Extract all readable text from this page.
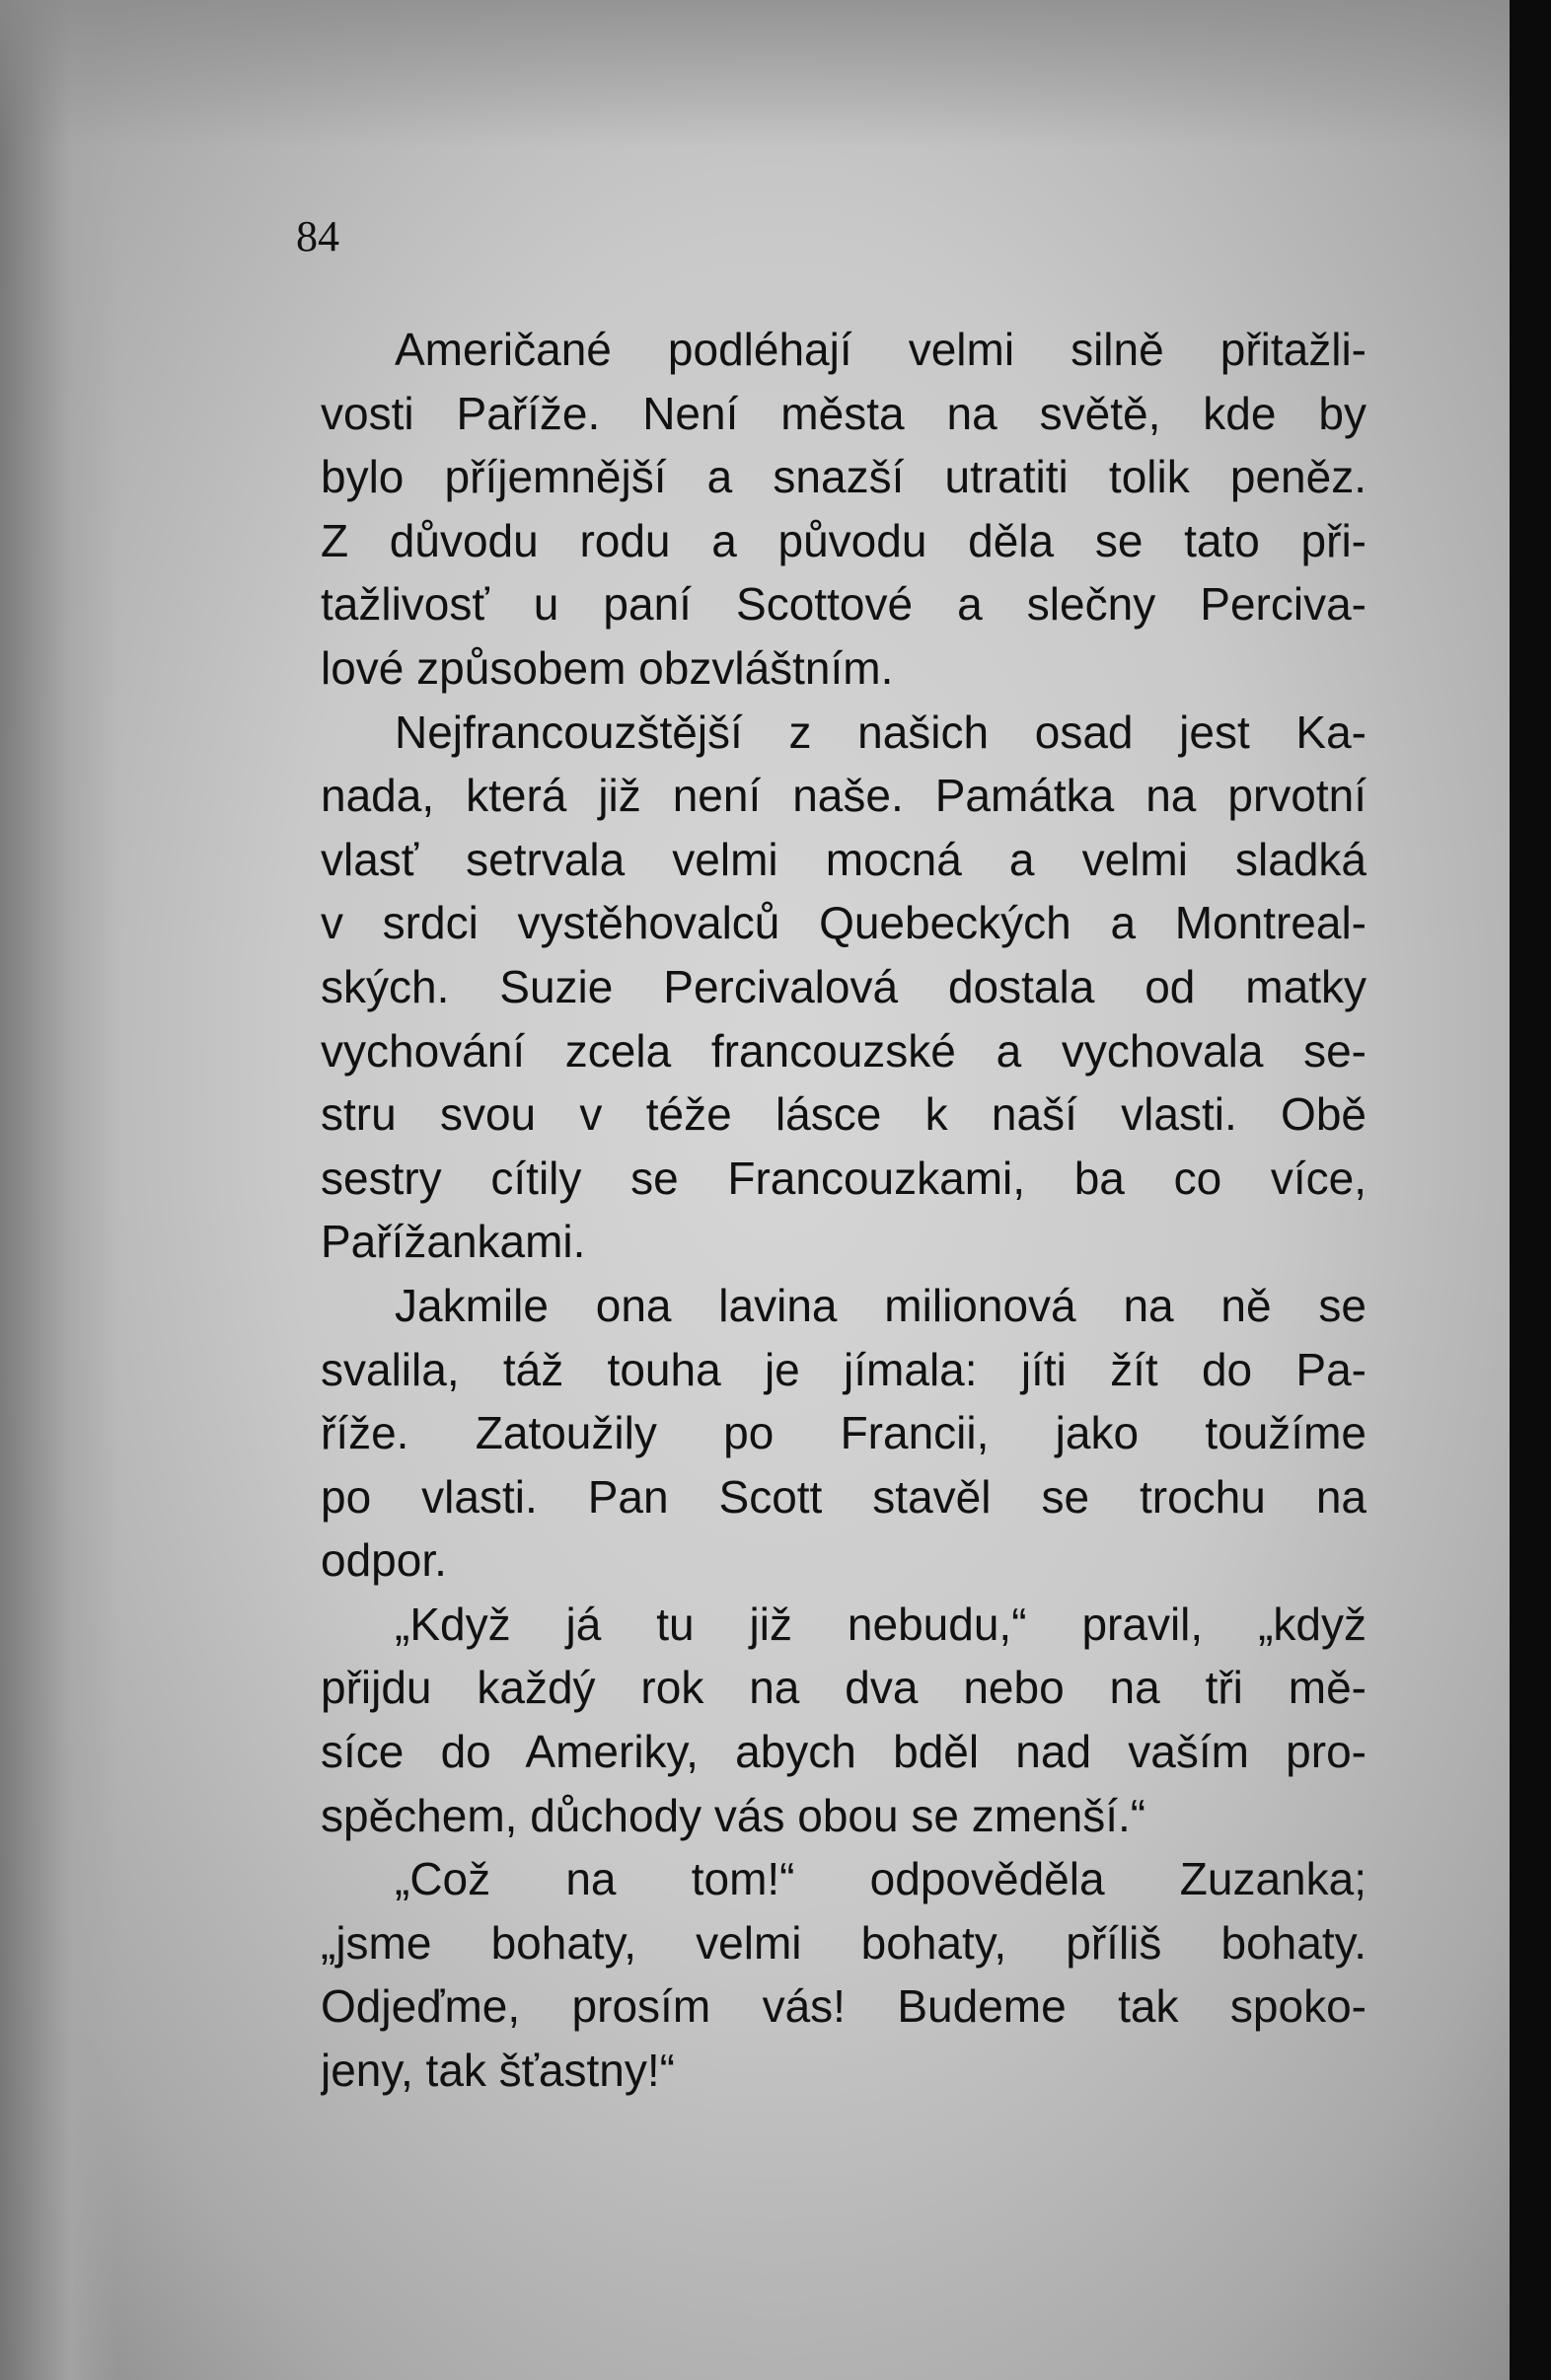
84
Američané podléhají velmi silně přitažli-
vosti Paříže. Není města na světě, kde by
bylo příjemnější a snazší utratiti tolik peněz.
Z důvodu rodu a původu děla se tato při-
tažlivosť u paní Scottové a slečny Perciva-
lové způsobem obzvláštním.
Nejfrancouzštější z našich osad jest Ka-
nada, která již není naše. Památka na prvotní
vlasť setrvala velmi mocná a velmi sladká
v srdci vystěhovalců Quebeckých a Montreal-
ských. Suzie Percivalová dostala od matky
vychování zcela francouzské a vychovala se-
stru svou v téže lásce k naší vlasti. Obě
sestry cítily se Francouzkami, ba co více,
Pařížankami.
Jakmile ona lavina milionová na ně se
svalila, táž touha je jímala: jíti žít do Pa-
říže. Zatoužily po Francii, jako toužíme
po vlasti. Pan Scott stavěl se trochu na
odpor.
„Když já tu již nebudu,“ pravil, „když
přijdu každý rok na dva nebo na tři mě-
síce do Ameriky, abych bděl nad vaším pro-
spěchem, důchody vás obou se zmenší.“
„Což na tom!“ odpověděla Zuzanka;
„jsme bohaty, velmi bohaty, příliš bohaty.
Odjeďme, prosím vás! Budeme tak spoko-
jeny, tak šťastny!“
